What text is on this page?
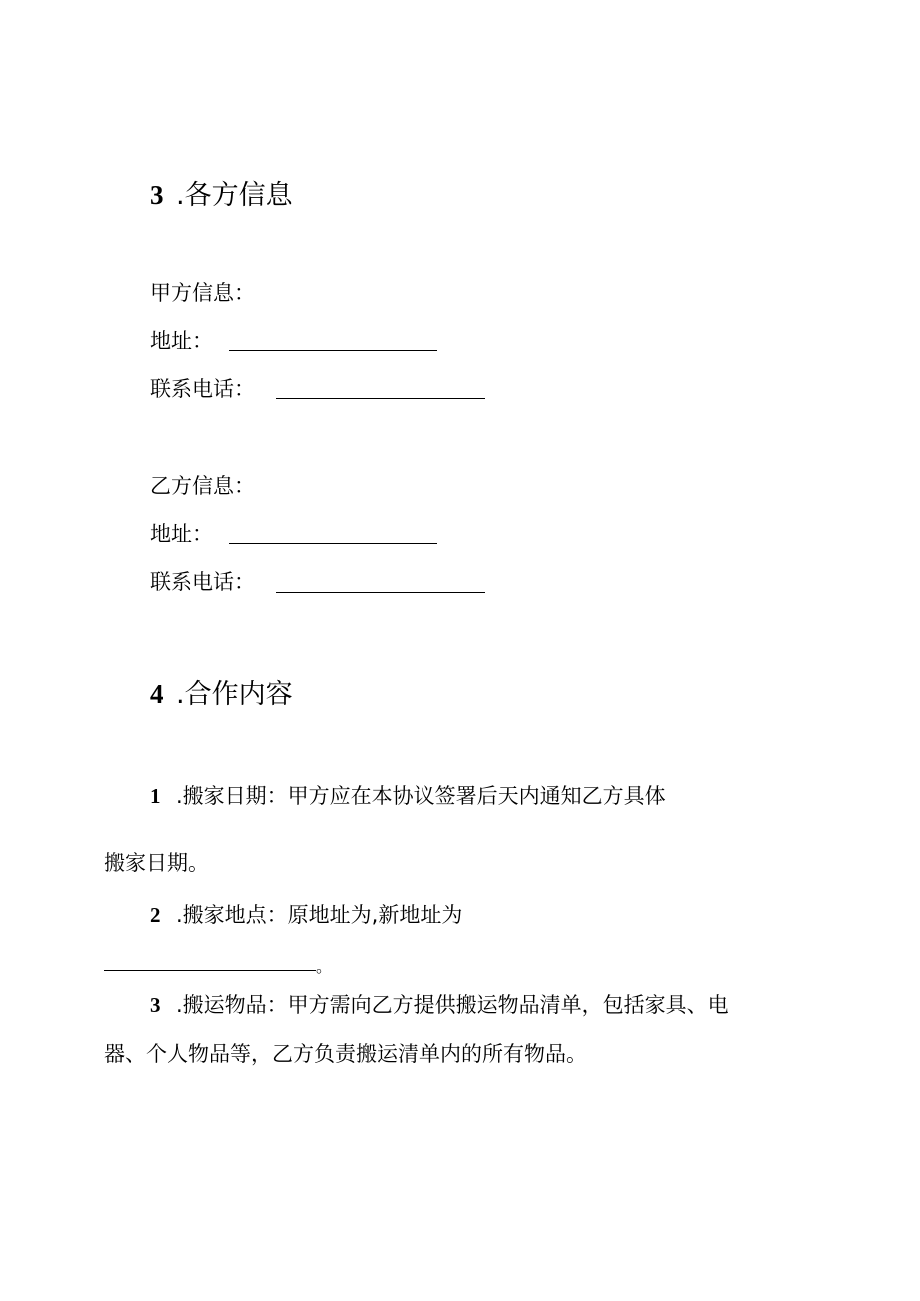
3 .各方信息
甲方信息：
地址：
联系电话：
乙方信息：
地址：
联系电话：
4 .合作内容
1 .搬家日期：甲方应在本协议签署后天内通知乙方具体
搬家日期。
2 .搬家地点：原地址为,新地址为
。
3 .搬运物品：甲方需向乙方提供搬运物品清单，包括家具、电
器、个人物品等，乙方负责搬运清单内的所有物品。
